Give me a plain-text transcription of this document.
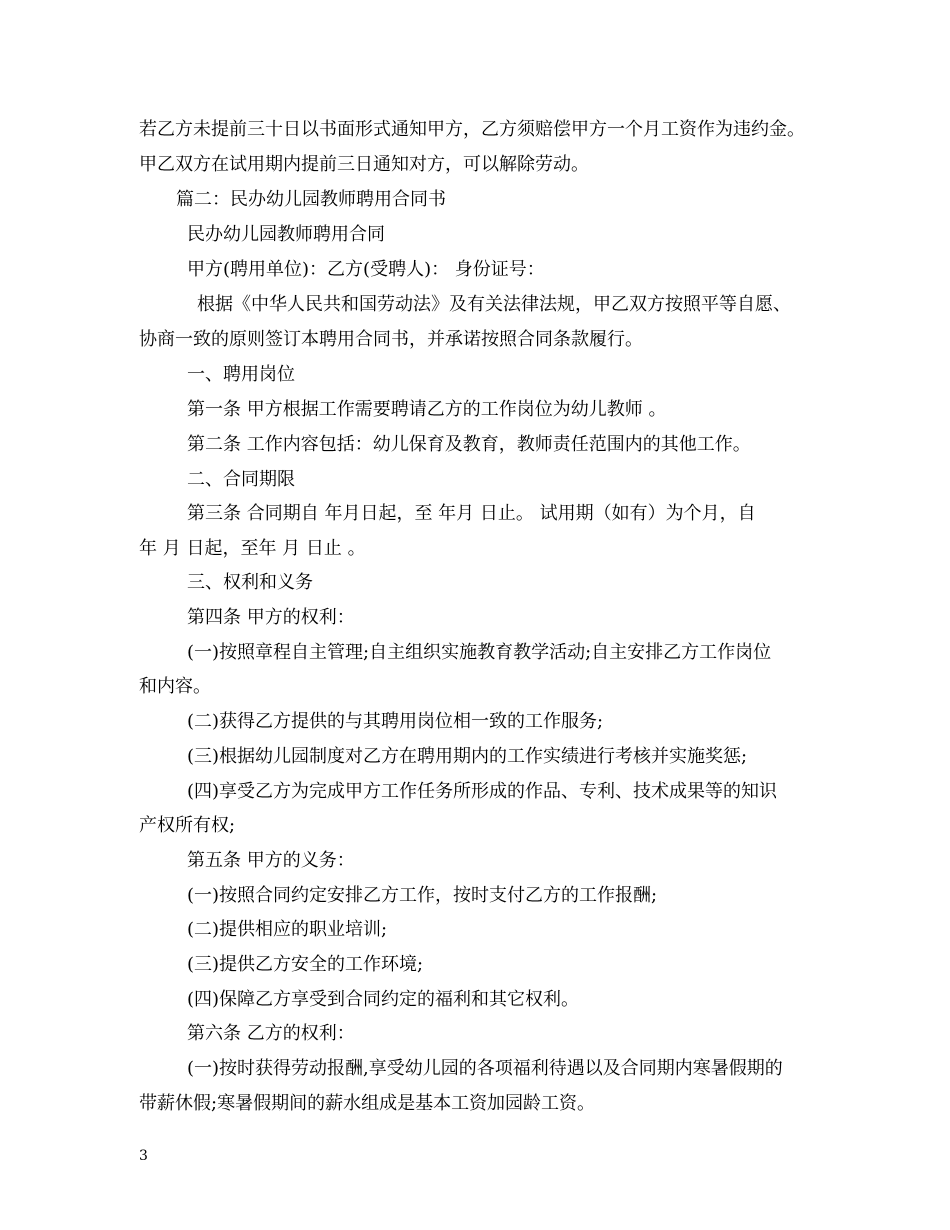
若乙方未提前三十日以书面形式通知甲方，乙方须赔偿甲方一个月工资作为违约金。
甲乙双方在试用期内提前三日通知对方，可以解除劳动。
篇二：民办幼儿园教师聘用合同书
民办幼儿园教师聘用合同
甲方(聘用单位)：乙方(受聘人)： 身份证号：
根据《中华人民共和国劳动法》及有关法律法规，甲乙双方按照平等自愿、
协商一致的原则签订本聘用合同书，并承诺按照合同条款履行。
一、聘用岗位
第一条 甲方根据工作需要聘请乙方的工作岗位为幼儿教师 。
第二条 工作内容包括：幼儿保育及教育，教师责任范围内的其他工作。
二、合同期限
第三条 合同期自 年月日起，至 年月 日止。 试用期（如有）为个月，自
年 月 日起，至年 月 日止 。
三、权利和义务
第四条 甲方的权利：
(一)按照章程自主管理;自主组织实施教育教学活动;自主安排乙方工作岗位
和内容。
(二)获得乙方提供的与其聘用岗位相一致的工作服务;
(三)根据幼儿园制度对乙方在聘用期内的工作实绩进行考核并实施奖惩;
(四)享受乙方为完成甲方工作任务所形成的作品、专利、技术成果等的知识
产权所有权;
第五条 甲方的义务：
(一)按照合同约定安排乙方工作，按时支付乙方的工作报酬;
(二)提供相应的职业培训;
(三)提供乙方安全的工作环境;
(四)保障乙方享受到合同约定的福利和其它权利。
第六条 乙方的权利：
(一)按时获得劳动报酬,享受幼儿园的各项福利待遇以及合同期内寒暑假期的
带薪休假;寒暑假期间的薪水组成是基本工资加园龄工资。
3
